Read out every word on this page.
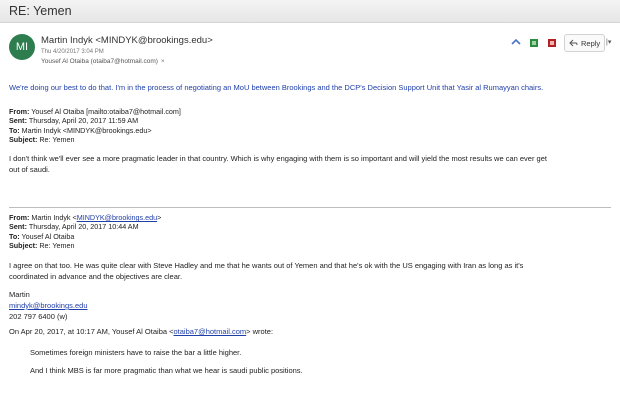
RE: Yemen
MI
Martin Indyk <MINDYK@brookings.edu>
Thu 4/20/2017 3:04 PM
Yousef Al Otaiba (otaiba7@hotmail.com) ×
Reply |▾
We're doing our best to do that. I'm in the process of negotiating an MoU between Brookings and the DCP's Decision Support Unit that Yasir al Rumayyan chairs.
From: Yousef Al Otaiba [mailto:otaiba7@hotmail.com]
Sent: Thursday, April 20, 2017 11:59 AM
To: Martin Indyk <MINDYK@brookings.edu>
Subject: Re: Yemen
I don't think we'll ever see a more pragmatic leader in that country. Which is why engaging with them is so important and will yield the most results we can ever get
out of saudi.
From: Martin Indyk <MINDYK@brookings.edu>
Sent: Thursday, April 20, 2017 10:44 AM
To: Yousef Al Otaiba
Subject: Re: Yemen
I agree on that too. He was quite clear with Steve Hadley and me that he wants out of Yemen and that he's ok with the US engaging with Iran as long as it's
coordinated in advance and the objectives are clear.
Martin
mindyk@brookings.edu
202 797 6400 (w)
On Apr 20, 2017, at 10:17 AM, Yousef Al Otaiba <otaiba7@hotmail.com> wrote:
Sometimes foreign ministers have to raise the bar a little higher.
And I think MBS is far more pragmatic than what we hear is saudi public positions.
